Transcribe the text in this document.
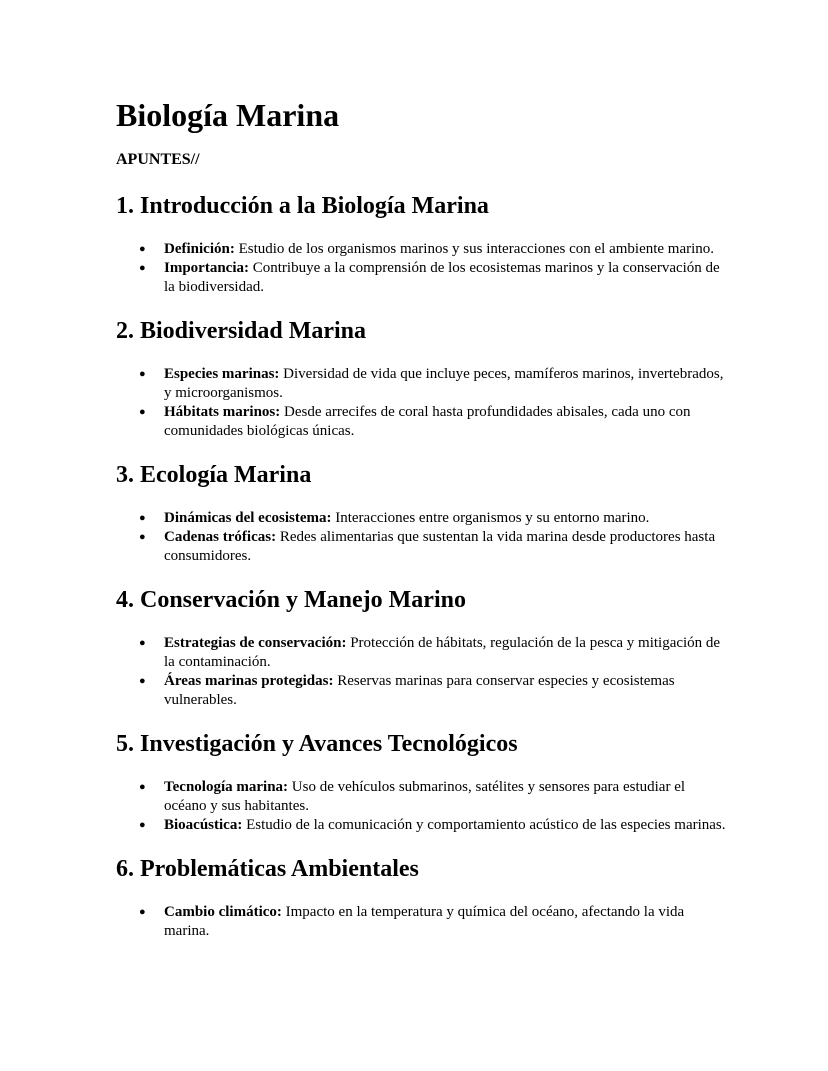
Biología Marina

APUNTES//

1. Introducción a la Biología Marina
● Definición: Estudio de los organismos marinos y sus interacciones con el ambiente marino.
● Importancia: Contribuye a la comprensión de los ecosistemas marinos y la conservación de la biodiversidad.
2. Biodiversidad Marina
● Especies marinas: Diversidad de vida que incluye peces, mamíferos marinos, invertebrados, y microorganismos.
● Hábitats marinos: Desde arrecifes de coral hasta profundidades abisales, cada uno con comunidades biológicas únicas.
3. Ecología Marina
● Dinámicas del ecosistema: Interacciones entre organismos y su entorno marino.
● Cadenas tróficas: Redes alimentarias que sustentan la vida marina desde productores hasta consumidores.
4. Conservación y Manejo Marino
● Estrategias de conservación: Protección de hábitats, regulación de la pesca y mitigación de la contaminación.
● Áreas marinas protegidas: Reservas marinas para conservar especies y ecosistemas vulnerables.
5. Investigación y Avances Tecnológicos
● Tecnología marina: Uso de vehículos submarinos, satélites y sensores para estudiar el océano y sus habitantes.
● Bioacústica: Estudio de la comunicación y comportamiento acústico de las especies marinas.
6. Problemáticas Ambientales
● Cambio climático: Impacto en la temperatura y química del océano, afectando la vida marina.
